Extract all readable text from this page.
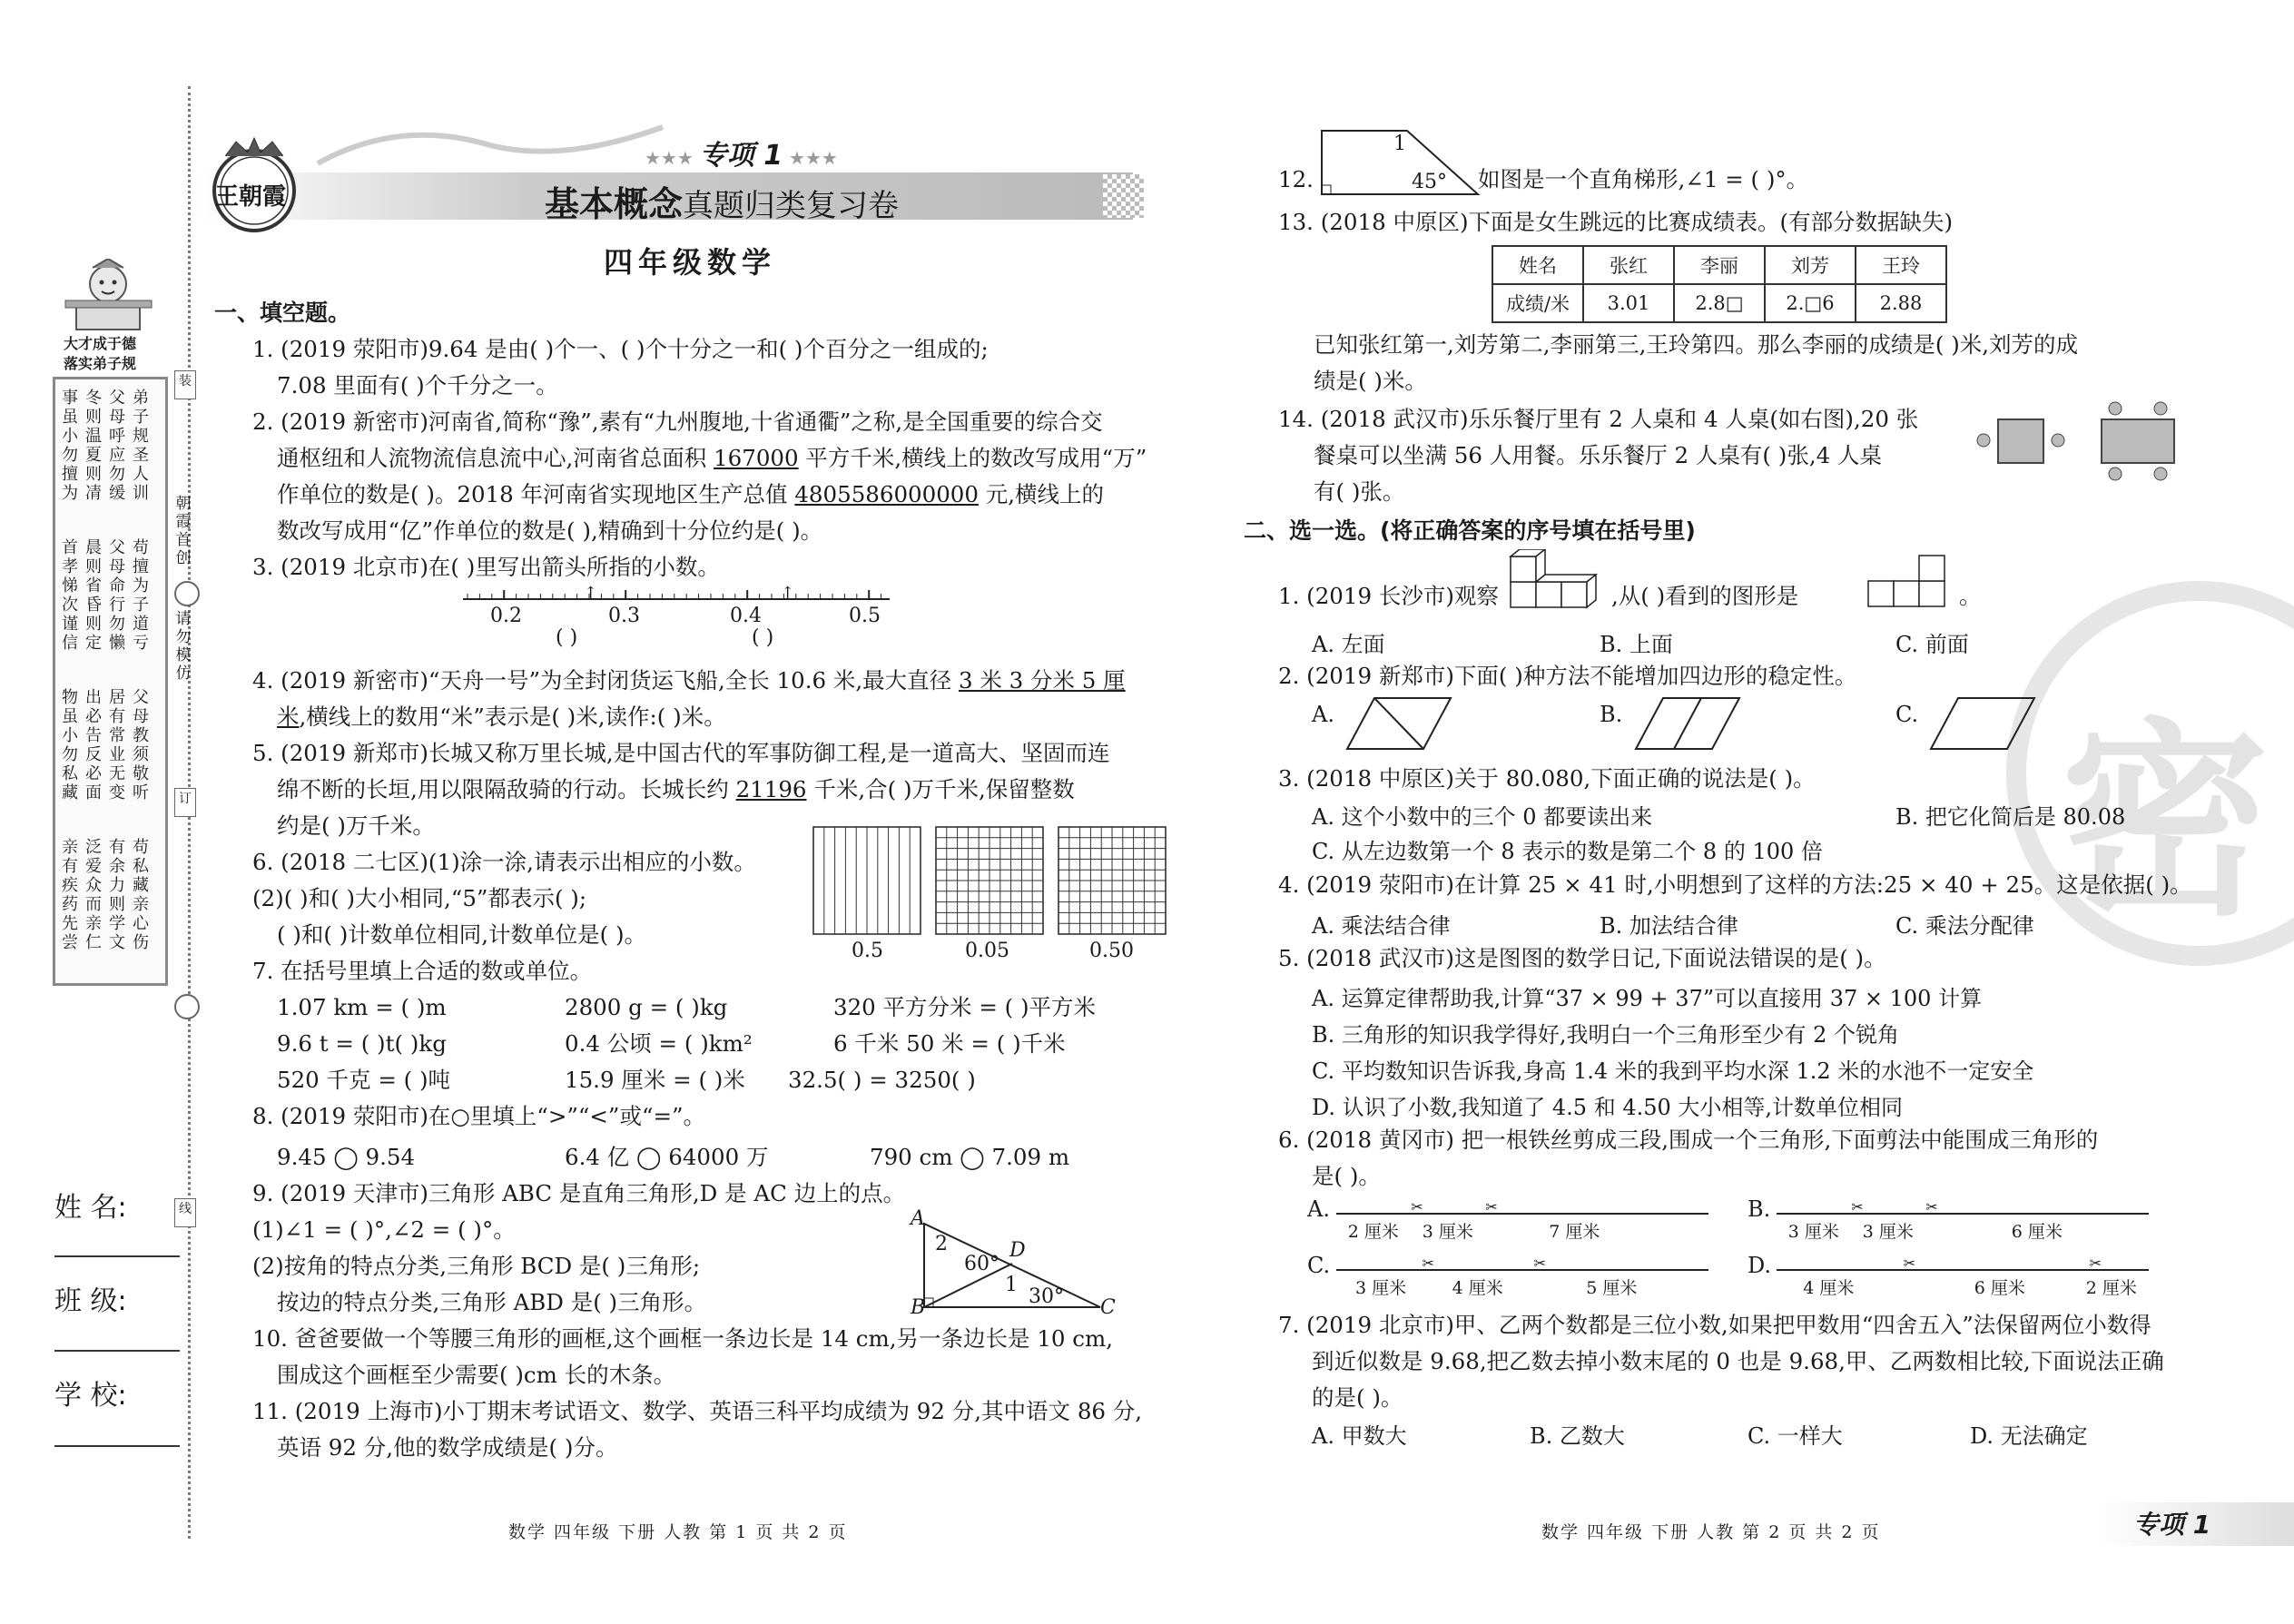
大才成于德
落实弟子规
事虽小勿擅为
冬则温夏则凊
父母呼应勿缓
弟子规圣人训
首孝悌次谨信
晨则省昏则定
父母命行勿懒
苟擅为子道亏
物虽小勿私藏
出必告反必面
居有常业无变
父母教须敬听
亲有疾药先尝
泛爱众而亲仁
有余力则学文
苟私藏亲心伤
姓 名:
班 级:
学 校:
装
朝霞首创
请勿模仿
订
线
王朝霞
★★★ 专项 1 ★★★
基本概念真题归类复习卷
四年级数学
一、填空题。
1. (2019 荥阳市)9.64 是由( )个一、( )个十分之一和( )个百分之一组成的;
7.08 里面有( )个千分之一。
2. (2019 新密市)河南省,简称“豫”,素有“九州腹地,十省通衢”之称,是全国重要的综合交
通枢纽和人流物流信息流中心,河南省总面积 167000 平方千米,横线上的数改写成用“万”
作单位的数是( )。2018 年河南省实现地区生产总值 4805586000000 元,横线上的
数改写成用“亿”作单位的数是( ),精确到十分位约是( )。
3. (2019 北京市)在( )里写出箭头所指的小数。
0.2	0.3	0.4	0.5
↑	↑
( )	( )
4. (2019 新密市)“天舟一号”为全封闭货运飞船,全长 10.6 米,最大直径 3 米 3 分米 5 厘
米,横线上的数用“米”表示是( )米,读作:( )米。
5. (2019 新郑市)长城又称万里长城,是中国古代的军事防御工程,是一道高大、坚固而连
绵不断的长垣,用以限隔敌骑的行动。长城长约 21196 千米,合( )万千米,保留整数
约是( )万千米。
6. (2018 二七区)(1)涂一涂,请表示出相应的小数。
(2)( )和( )大小相同,“5”都表示( );
( )和( )计数单位相同,计数单位是( )。
0.5	0.05	0.50
7. 在括号里填上合适的数或单位。
1.07 km = ( )m	2800 g = ( )kg	320 平方分米 = ( )平方米
9.6 t = ( )t( )kg	0.4 公顷 = ( )km²	6 千米 50 米 = ( )千米
520 千克 = ( )吨	15.9 厘米 = ( )米 32.5( ) = 3250( )
8. (2019 荥阳市)在○里填上“>”“<”或“=”。
9.45 ◯ 9.54	6.4 亿 ◯ 64000 万	790 cm ◯ 7.09 m
9. (2019 天津市)三角形 ABC 是直角三角形,D 是 AC 边上的点。
(1)∠1 = ( )°,∠2 = ( )°。
(2)按角的特点分类,三角形 BCD 是( )三角形;
按边的特点分类,三角形 ABD 是( )三角形。
A
B	C
D
2
60°
1
30°
10. 爸爸要做一个等腰三角形的画框,这个画框一条边长是 14 cm,另一条边长是 10 cm,
围成这个画框至少需要( )cm 长的木条。
11. (2019 上海市)小丁期末考试语文、数学、英语三科平均成绩为 92 分,其中语文 86 分,
英语 92 分,他的数学成绩是( )分。
数学 四年级 下册 人教 第 1 页 共 2 页
密
12.
1
45° 如图是一个直角梯形,∠1 = ( )°。
13. (2018 中原区)下面是女生跳远的比赛成绩表。(有部分数据缺失)
姓名	张红	李丽	刘芳	王玲
成绩/米	3.01	2.8□	2.□6	2.88
已知张红第一,刘芳第二,李丽第三,王玲第四。那么李丽的成绩是( )米,刘芳的成
绩是( )米。
14. (2018 武汉市)乐乐餐厅里有 2 人桌和 4 人桌(如右图),20 张
餐桌可以坐满 56 人用餐。乐乐餐厅 2 人桌有( )张,4 人桌
有( )张。
二、选一选。(将正确答案的序号填在括号里)
1. (2019 长沙市)观察	,从( )看到的图形是	。
A. 左面	B. 上面	C. 前面
2. (2019 新郑市)下面( )种方法不能增加四边形的稳定性。
A.	B.	C.
3. (2018 中原区)关于 80.080,下面正确的说法是( )。
A. 这个小数中的三个 0 都要读出来	B. 把它化简后是 80.08
C. 从左边数第一个 8 表示的数是第二个 8 的 100 倍
4. (2019 荥阳市)在计算 25 × 41 时,小明想到了这样的方法:25 × 40 + 25。这是依据( )。
A. 乘法结合律	B. 加法结合律	C. 乘法分配律
5. (2018 武汉市)这是图图的数学日记,下面说法错误的是( )。
A. 运算定律帮助我,计算“37 × 99 + 37”可以直接用 37 × 100 计算
B. 三角形的知识我学得好,我明白一个三角形至少有 2 个锐角
C. 平均数知识告诉我,身高 1.4 米的我到平均水深 1.2 米的水池不一定安全
D. 认识了小数,我知道了 4.5 和 4.50 大小相等,计数单位相同
6. (2018 黄冈市) 把一根铁丝剪成三段,围成一个三角形,下面剪法中能围成三角形的
是( )。
A.	✂	✂
2 厘米 3 厘米	7 厘米
B.	✂	✂
3 厘米 3 厘米	6 厘米
C.	✂	✂
3 厘米	4 厘米	5 厘米
D.	✂	✂
4 厘米	6 厘米	2 厘米
7. (2019 北京市)甲、乙两个数都是三位小数,如果把甲数用“四舍五入”法保留两位小数得
到近似数是 9.68,把乙数去掉小数末尾的 0 也是 9.68,甲、乙两数相比较,下面说法正确
的是( )。
A. 甲数大	B. 乙数大	C. 一样大	D. 无法确定
数学 四年级 下册 人教 第 2 页 共 2 页	专项 1
